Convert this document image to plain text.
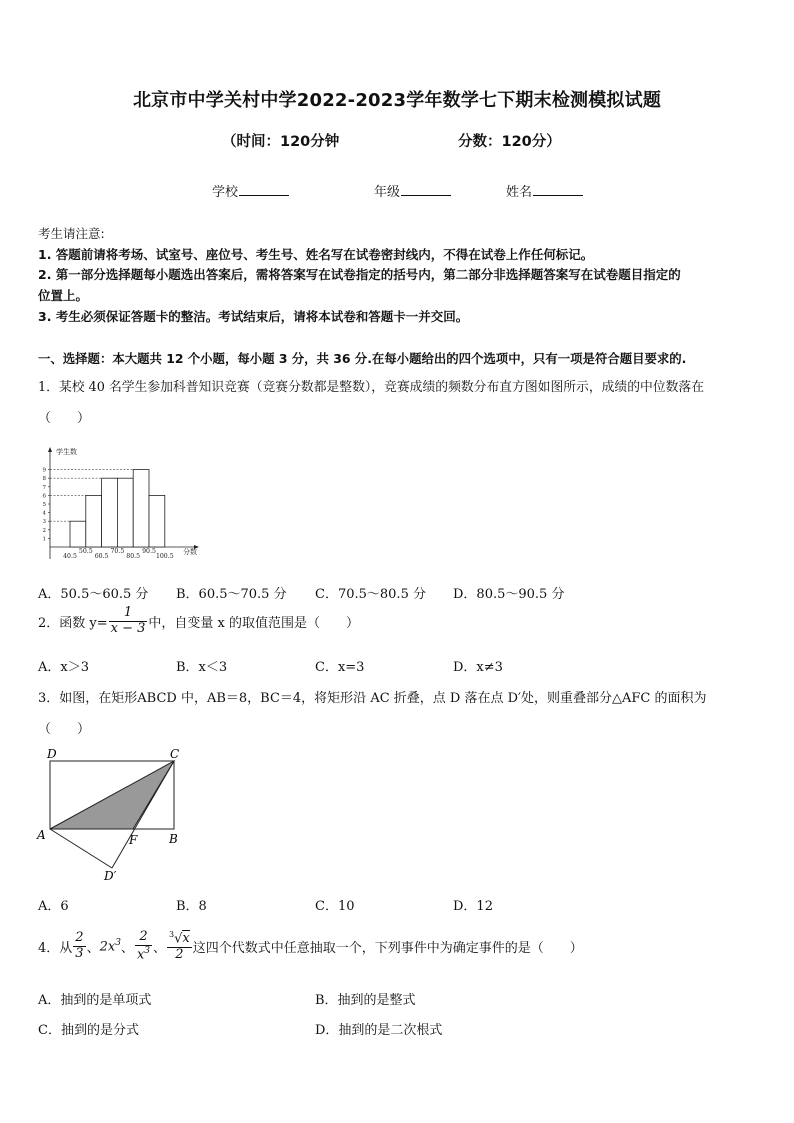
北京市中学关村中学2022-2023学年数学七下期末检测模拟试题
（时间：120分钟	分数：120分）
学校	年级	姓名
考生请注意:
1. 答题前请将考场、试室号、座位号、考生号、姓名写在试卷密封线内，不得在试卷上作任何标记。
2. 第一部分选择题每小题选出答案后，需将答案写在试卷指定的括号内，第二部分非选择题答案写在试卷题目指定的
位置上。
3. 考生必须保证答题卡的整洁。考试结束后，请将本试卷和答题卡一并交回。
一、选择题：本大题共 12 个小题，每小题 3 分，共 36 分.在每小题给出的四个选项中，只有一项是符合题目要求的.
1．某校 40 名学生参加科普知识竞赛（竞赛分数都是整数），竞赛成绩的频数分布直方图如图所示，成绩的中位数落在
（　　）
学生数
分数
1
2
3
4
5
6
7
8
9
40.5	60.5	80.5	100.5
50.5	70.5	90.5
A．50.5～60.5 分 B．60.5～70.5 分 C．70.5～80.5 分 D．80.5～90.5 分
2．函数 $y= \frac{1}{x - 3}$ 中，自变量 x 的取值范围是（　　）
A．x＞3	B．x＜3	C．x=3	D．x≠3
3．如图，在矩形ABCD 中，AB＝8，BC＝4，将矩形沿 AC 折叠，点 D 落在点 D′处，则重叠部分△AFC 的面积为
（　　）
D	C
A	F	B
D′
A．6	B．8	C．10	D．12
4．从 $\frac{2}{3}$ 、 $2x^3$ 、 $\frac{2}{x^3}$ 、 $\frac{^3√x}{2}$ 这四个代数式中任意抽取一个，下列事件中为确定事件的是（　　）
A．抽到的是单项式	B．抽到的是整式
C．抽到的是分式	D．抽到的是二次根式
